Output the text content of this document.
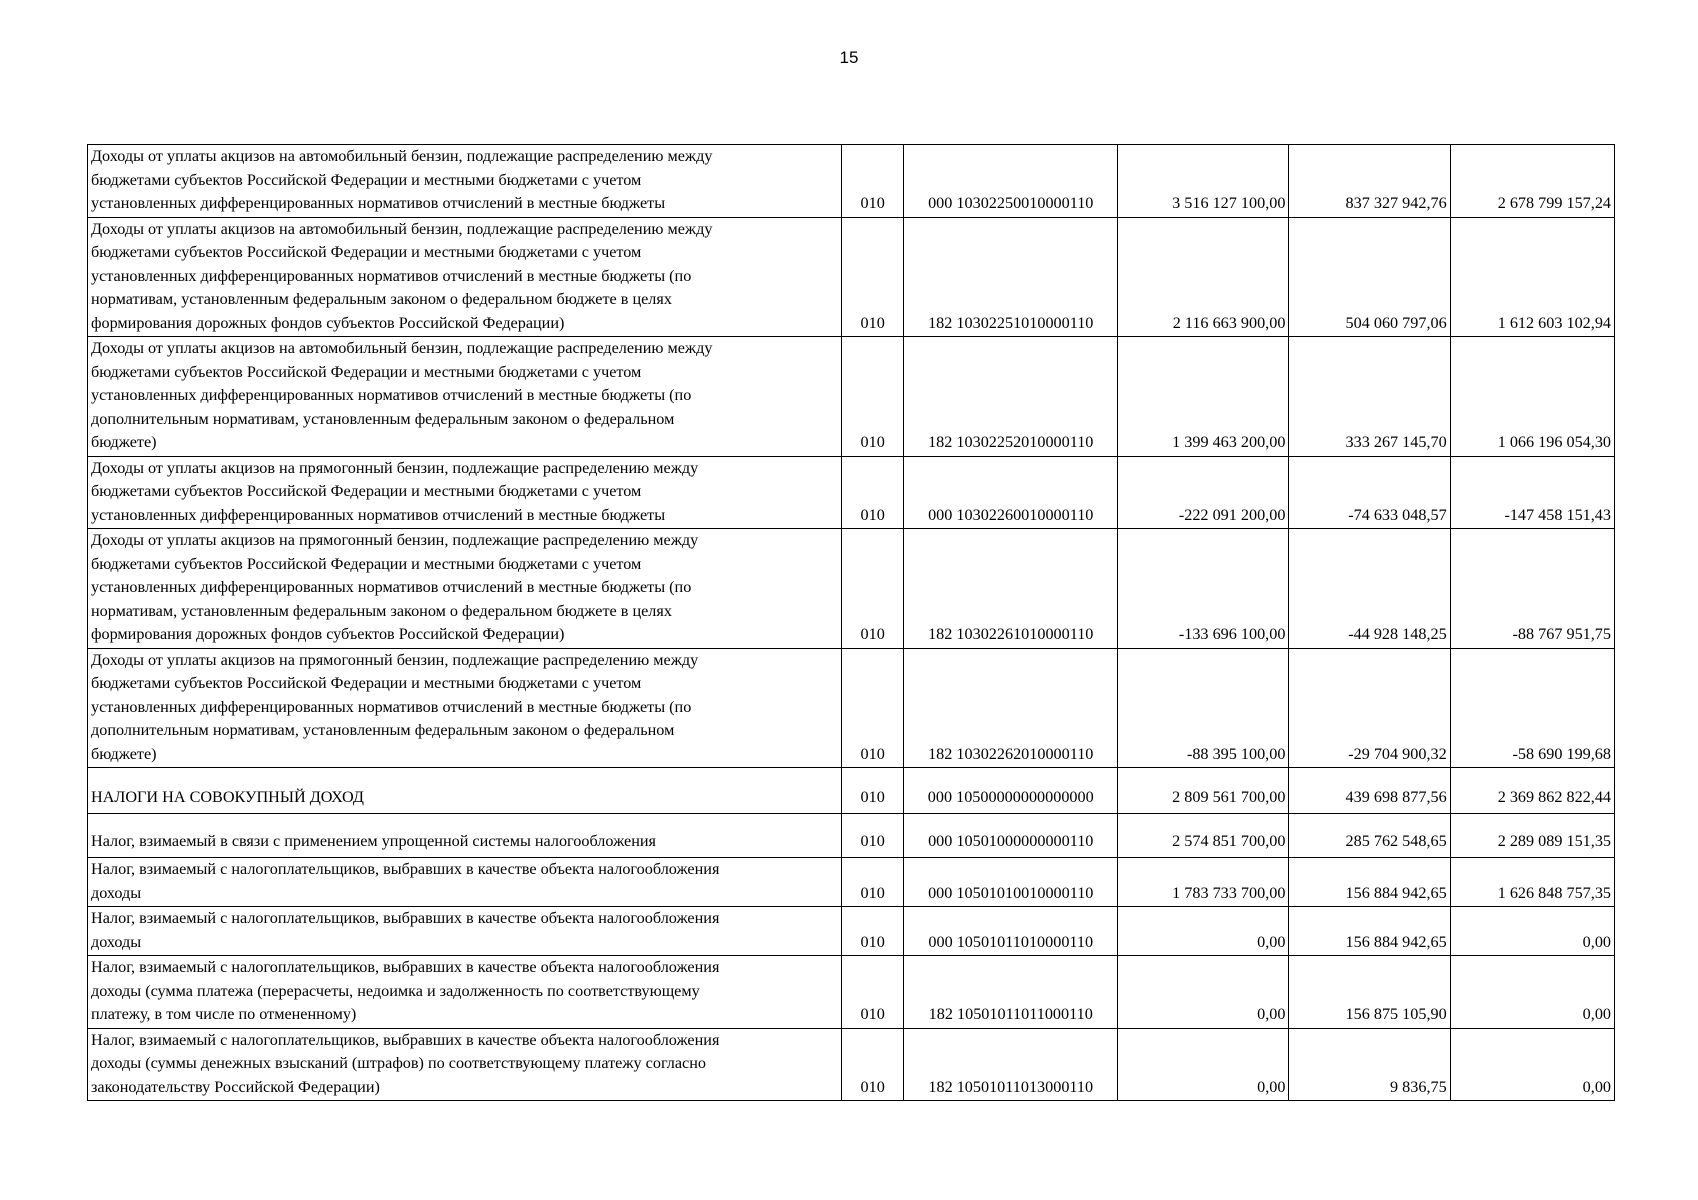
15
Доходы от уплаты акцизов на автомобильный бензин, подлежащие распределению между
бюджетами субъектов Российской Федерации и местными бюджетами с учетом
установленных дифференцированных нормативов отчислений в местные бюджеты	010	000 10302250010000110	3 516 127 100,00	837 327 942,76	2 678 799 157,24
Доходы от уплаты акцизов на автомобильный бензин, подлежащие распределению между
бюджетами субъектов Российской Федерации и местными бюджетами с учетом
установленных дифференцированных нормативов отчислений в местные бюджеты (по
нормативам, установленным федеральным законом о федеральном бюджете в целях
формирования дорожных фондов субъектов Российской Федерации)	010	182 10302251010000110	2 116 663 900,00	504 060 797,06	1 612 603 102,94
Доходы от уплаты акцизов на автомобильный бензин, подлежащие распределению между
бюджетами субъектов Российской Федерации и местными бюджетами с учетом
установленных дифференцированных нормативов отчислений в местные бюджеты (по
дополнительным нормативам, установленным федеральным законом о федеральном
бюджете)	010	182 10302252010000110	1 399 463 200,00	333 267 145,70	1 066 196 054,30
Доходы от уплаты акцизов на прямогонный бензин, подлежащие распределению между
бюджетами субъектов Российской Федерации и местными бюджетами с учетом
установленных дифференцированных нормативов отчислений в местные бюджеты	010	000 10302260010000110	-222 091 200,00	-74 633 048,57	-147 458 151,43
Доходы от уплаты акцизов на прямогонный бензин, подлежащие распределению между
бюджетами субъектов Российской Федерации и местными бюджетами с учетом
установленных дифференцированных нормативов отчислений в местные бюджеты (по
нормативам, установленным федеральным законом о федеральном бюджете в целях
формирования дорожных фондов субъектов Российской Федерации)	010	182 10302261010000110	-133 696 100,00	-44 928 148,25	-88 767 951,75
Доходы от уплаты акцизов на прямогонный бензин, подлежащие распределению между
бюджетами субъектов Российской Федерации и местными бюджетами с учетом
установленных дифференцированных нормативов отчислений в местные бюджеты (по
дополнительным нормативам, установленным федеральным законом о федеральном
бюджете)	010	182 10302262010000110	-88 395 100,00	-29 704 900,32	-58 690 199,68
НАЛОГИ НА СОВОКУПНЫЙ ДОХОД	010	000 10500000000000000	2 809 561 700,00	439 698 877,56	2 369 862 822,44
Налог, взимаемый в связи с применением упрощенной системы налогообложения	010	000 10501000000000110	2 574 851 700,00	285 762 548,65	2 289 089 151,35
Налог, взимаемый с налогоплательщиков, выбравших в качестве объекта налогообложения
доходы	010	000 10501010010000110	1 783 733 700,00	156 884 942,65	1 626 848 757,35
Налог, взимаемый с налогоплательщиков, выбравших в качестве объекта налогообложения
доходы	010	000 10501011010000110	0,00	156 884 942,65	0,00
Налог, взимаемый с налогоплательщиков, выбравших в качестве объекта налогообложения
доходы (сумма платежа (перерасчеты, недоимка и задолженность по соответствующему
платежу, в том числе по отмененному)	010	182 10501011011000110	0,00	156 875 105,90	0,00
Налог, взимаемый с налогоплательщиков, выбравших в качестве объекта налогообложения
доходы (суммы денежных взысканий (штрафов) по соответствующему платежу согласно
законодательству Российской Федерации)	010	182 10501011013000110	0,00	9 836,75	0,00
